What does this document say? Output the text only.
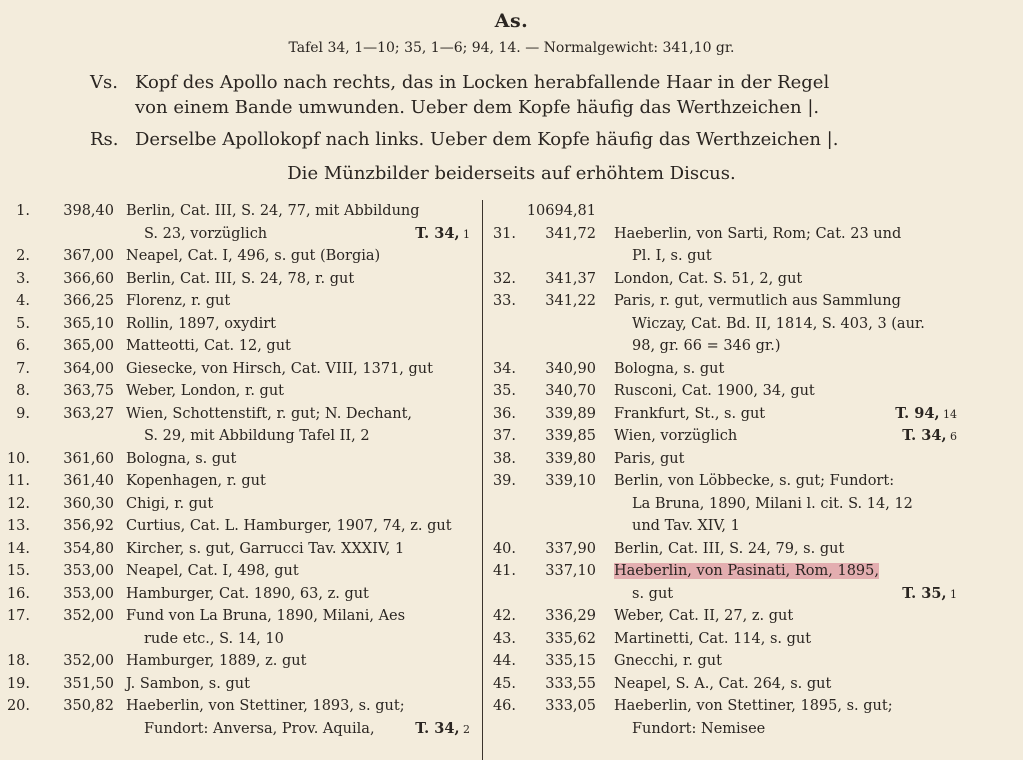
As.
Tafel 34, 1—10; 35, 1—6; 94, 14. — Normalgewicht: 341,10 gr.
Vs. Kopf des Apollo nach rechts, das in Locken herabfallende Haar in der Regel
von einem Bande umwunden. Ueber dem Kopfe häufig das Werthzeichen |.
Rs. Derselbe Apollokopf nach links. Ueber dem Kopfe häufig das Werthzeichen |.
Die Münzbilder beiderseits auf erhöhtem Discus.
1.	398,40 Berlin, Cat. III, S. 24, 77, mit Abbildung
S. 23, vorzüglich	T. 34, 1
2.	367,00 Neapel, Cat. I, 496, s. gut (Borgia)
3.	366,60 Berlin, Cat. III, S. 24, 78, r. gut
4.	366,25 Florenz, r. gut
5.	365,10 Rollin, 1897, oxydirt
6.	365,00 Matteotti, Cat. 12, gut
7.	364,00 Giesecke, von Hirsch, Cat. VIII, 1371, gut
8.	363,75 Weber, London, r. gut
9.	363,27 Wien, Schottenstift, r. gut; N. Dechant,
S. 29, mit Abbildung Tafel II, 2
10.	361,60 Bologna, s. gut
11.	361,40 Kopenhagen, r. gut
12.	360,30 Chigi, r. gut
13.	356,92 Curtius, Cat. L. Hamburger, 1907, 74, z. gut
14.	354,80 Kircher, s. gut, Garrucci Tav. XXXIV, 1
15.	353,00 Neapel, Cat. I, 498, gut
16.	353,00 Hamburger, Cat. 1890, 63, z. gut
17.	352,00 Fund von La Bruna, 1890, Milani, Aes
rude etc., S. 14, 10
18.	352,00 Hamburger, 1889, z. gut
19.	351,50 J. Sambon, s. gut
20.	350,82 Haeberlin, von Stettiner, 1893, s. gut;
Fundort: Anversa, Prov. Aquila,	T. 34, 2
10694,81
31.	341,72 Haeberlin, von Sarti, Rom; Cat. 23 und
Pl. I, s. gut
32.	341,37 London, Cat. S. 51, 2, gut
33.	341,22 Paris, r. gut, vermutlich aus Sammlung
Wiczay, Cat. Bd. II, 1814, S. 403, 3 (aur.
98, gr. 66 = 346 gr.)
34.	340,90 Bologna, s. gut
35.	340,70 Rusconi, Cat. 1900, 34, gut
36.	339,89 Frankfurt, St., s. gut	T. 94, 14
37.	339,85 Wien, vorzüglich	T. 34, 6
38.	339,80 Paris, gut
39.	339,10 Berlin, von Löbbecke, s. gut; Fundort:
La Bruna, 1890, Milani l. cit. S. 14, 12
und Tav. XIV, 1
40.	337,90 Berlin, Cat. III, S. 24, 79, s. gut
41.	337,10 Haeberlin, von Pasinati, Rom, 1895,
s. gut	T. 35, 1
42.	336,29 Weber, Cat. II, 27, z. gut
43.	335,62 Martinetti, Cat. 114, s. gut
44.	335,15 Gnecchi, r. gut
45.	333,55 Neapel, S. A., Cat. 264, s. gut
46.	333,05 Haeberlin, von Stettiner, 1895, s. gut;
Fundort: Nemisee
